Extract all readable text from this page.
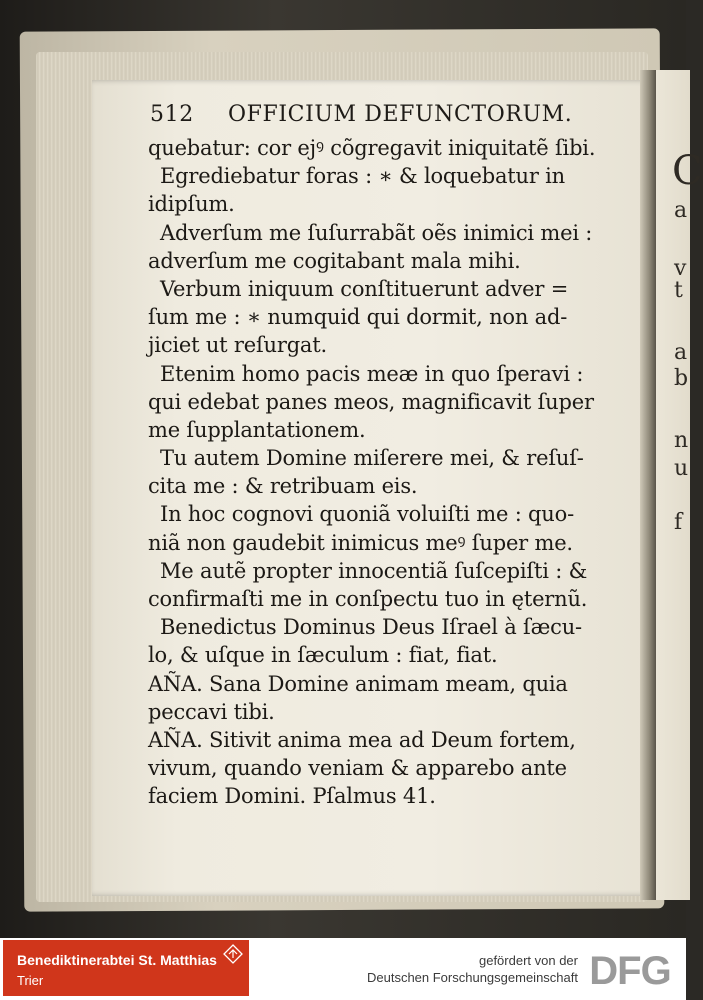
C
a
v
t
a
b
n
u
f
512 OFFICIUM DEFUNCTORUM.
quebatur: cor ejꝰ cõgregavit iniquitatẽ ſibi.
Egrediebatur foras : ∗ & loquebatur in
idipſum.
Adverſum me ſuſurrabãt oẽs inimici mei :
adverſum me cogitabant mala mihi.
Verbum iniquum conſtituerunt adver =
ſum me : ∗ numquid qui dormit, non ad-
jiciet ut reſurgat.
Etenim homo pacis meæ in quo ſperavi :
qui edebat panes meos, magnificavit ſuper
me ſupplantationem.
Tu autem Domine miſerere mei, & reſuſ-
cita me : & retribuam eis.
In hoc cognovi quoniã voluiſti me : quo-
niã non gaudebit inimicus meꝰ ſuper me.
Me autẽ propter innocentiã ſuſcepiſti : &
confirmaſti me in conſpectu tuo in ęternũ.
Benedictus Dominus Deus Iſrael à ſæcu-
lo, & uſque in ſæculum : fiat, fiat.
AÑA. Sana Domine animam meam, quia
peccavi tibi.
AÑA. Sitivit anima mea ad Deum fortem,
vivum, quando veniam & apparebo ante
faciem Domini. Pſalmus 41.
Benediktinerabtei St. Matthias
Trier
gefördert von der
Deutschen Forschungsgemeinschaft DFG
